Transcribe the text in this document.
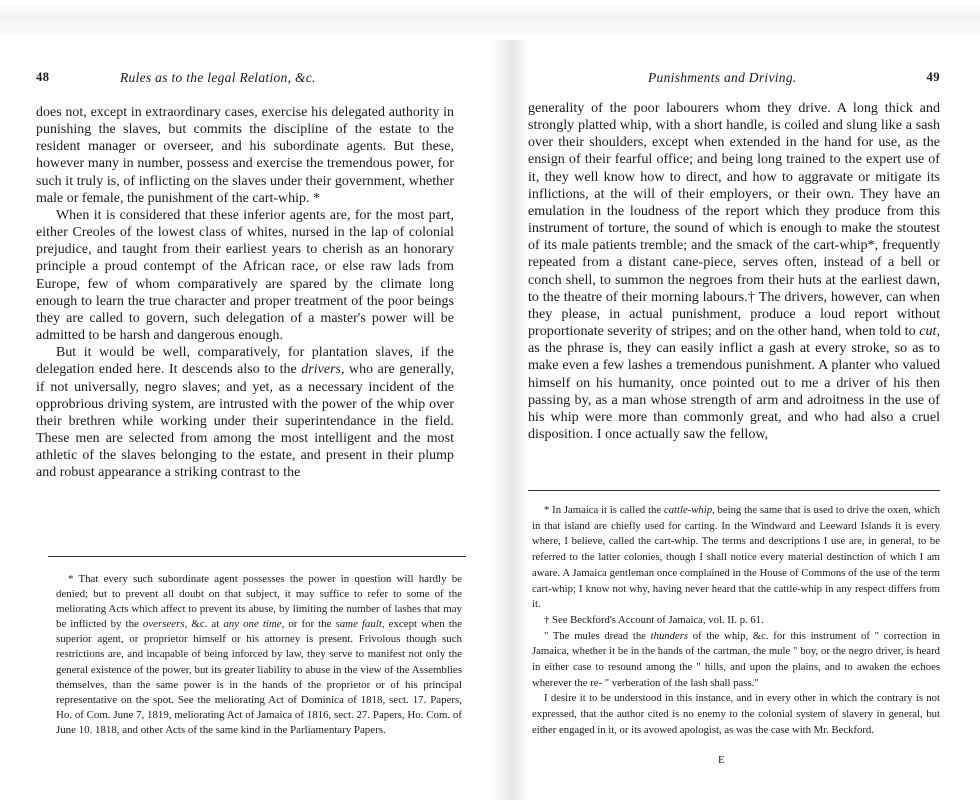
48	Rules as to the legal Relation, &c.

does not, except in extraordinary cases, exercise his delegated authority in punishing the slaves, but commits the discipline of the estate to the resident manager or overseer, and his subordinate agents. But these, however many in number, possess and exercise the tremendous power, for such it truly is, of inflicting on the slaves under their government, whether male or female, the punishment of the cart-whip. *

When it is considered that these inferior agents are, for the most part, either Creoles of the lowest class of whites, nursed in the lap of colonial prejudice, and taught from their earliest years to cherish as an honorary principle a proud contempt of the African race, or else raw lads from Europe, few of whom comparatively are spared by the climate long enough to learn the true character and proper treatment of the poor beings they are called to govern, such delegation of a master's power will be admitted to be harsh and dangerous enough.

But it would be well, comparatively, for plantation slaves, if the delegation ended here. It descends also to the drivers, who are generally, if not universally, negro slaves; and yet, as a necessary incident of the opprobrious driving system, are intrusted with the power of the whip over their brethren while working under their superintendance in the field. These men are selected from among the most intelligent and the most athletic of the slaves belonging to the estate, and present in their plump and robust appearance a striking contrast to the

* That every such subordinate agent possesses the power in question will hardly be denied; but to prevent all doubt on that subject, it may suffice to refer to some of the meliorating Acts which affect to prevent its abuse, by limiting the number of lashes that may be inflicted by the overseers, &c. at any one time, or for the same fault, except when the superior agent, or proprietor himself or his attorney is present. Frivolous though such restrictions are, and incapable of being inforced by law, they serve to manifest not only the general existence of the power, but its greater liability to abuse in the view of the Assemblies themselves, than the same power is in the hands of the proprietor or of his principal representative on the spot. See the meliorating Act of Dominica of 1818, sect. 17. Papers, Ho. of Com. June 7, 1819, meliorating Act of Jamaica of 1816, sect. 27. Papers, Ho. Com. of June 10. 1818, and other Acts of the same kind in the Parliamentary Papers.

Punishments and Driving.	49

generality of the poor labourers whom they drive. A long thick and strongly platted whip, with a short handle, is coiled and slung like a sash over their shoulders, except when extended in the hand for use, as the ensign of their fearful office; and being long trained to the expert use of it, they well know how to direct, and how to aggravate or mitigate its inflictions, at the will of their employers, or their own. They have an emulation in the loudness of the report which they produce from this instrument of torture, the sound of which is enough to make the stoutest of its male patients tremble; and the smack of the cart-whip*, frequently repeated from a distant cane-piece, serves often, instead of a bell or conch shell, to summon the negroes from their huts at the earliest dawn, to the theatre of their morning labours.† The drivers, however, can when they please, in actual punishment, produce a loud report without proportionate severity of stripes; and on the other hand, when told to cut, as the phrase is, they can easily inflict a gash at every stroke, so as to make even a few lashes a tremendous punishment. A planter who valued himself on his humanity, once pointed out to me a driver of his then passing by, as a man whose strength of arm and adroitness in the use of his whip were more than commonly great, and who had also a cruel disposition. I once actually saw the fellow,

* In Jamaica it is called the cattle-whip, being the same that is used to drive the oxen, which in that island are chiefly used for carting. In the Windward and Leeward Islands it is every where, I believe, called the cart-whip. The terms and descriptions I use are, in general, to be referred to the latter colonies, though I shall notice every material destinction of which I am aware. A Jamaica gentleman once complained in the House of Commons of the use of the term cart-whip; I know not why, having never heard that the cattle-whip in any respect differs from it.

† See Beckford's Account of Jamaica, vol. II. p. 61.

" The mules dread the thunders of the whip, &c. for this instrument of " correction in Jamaica, whether it be in the hands of the cartman, the mule " boy, or the negro driver, is heard in either case to resound among the " hills, and upon the plains, and to awaken the echoes wherever the re- " verberation of the lash shall pass."

I desire it to be understood in this instance, and in every other in which the contrary is not expressed, that the author cited is no enemy to the colonial system of slavery in general, but either engaged in it, or its avowed apologist, as was the case with Mr. Beckford.

E
